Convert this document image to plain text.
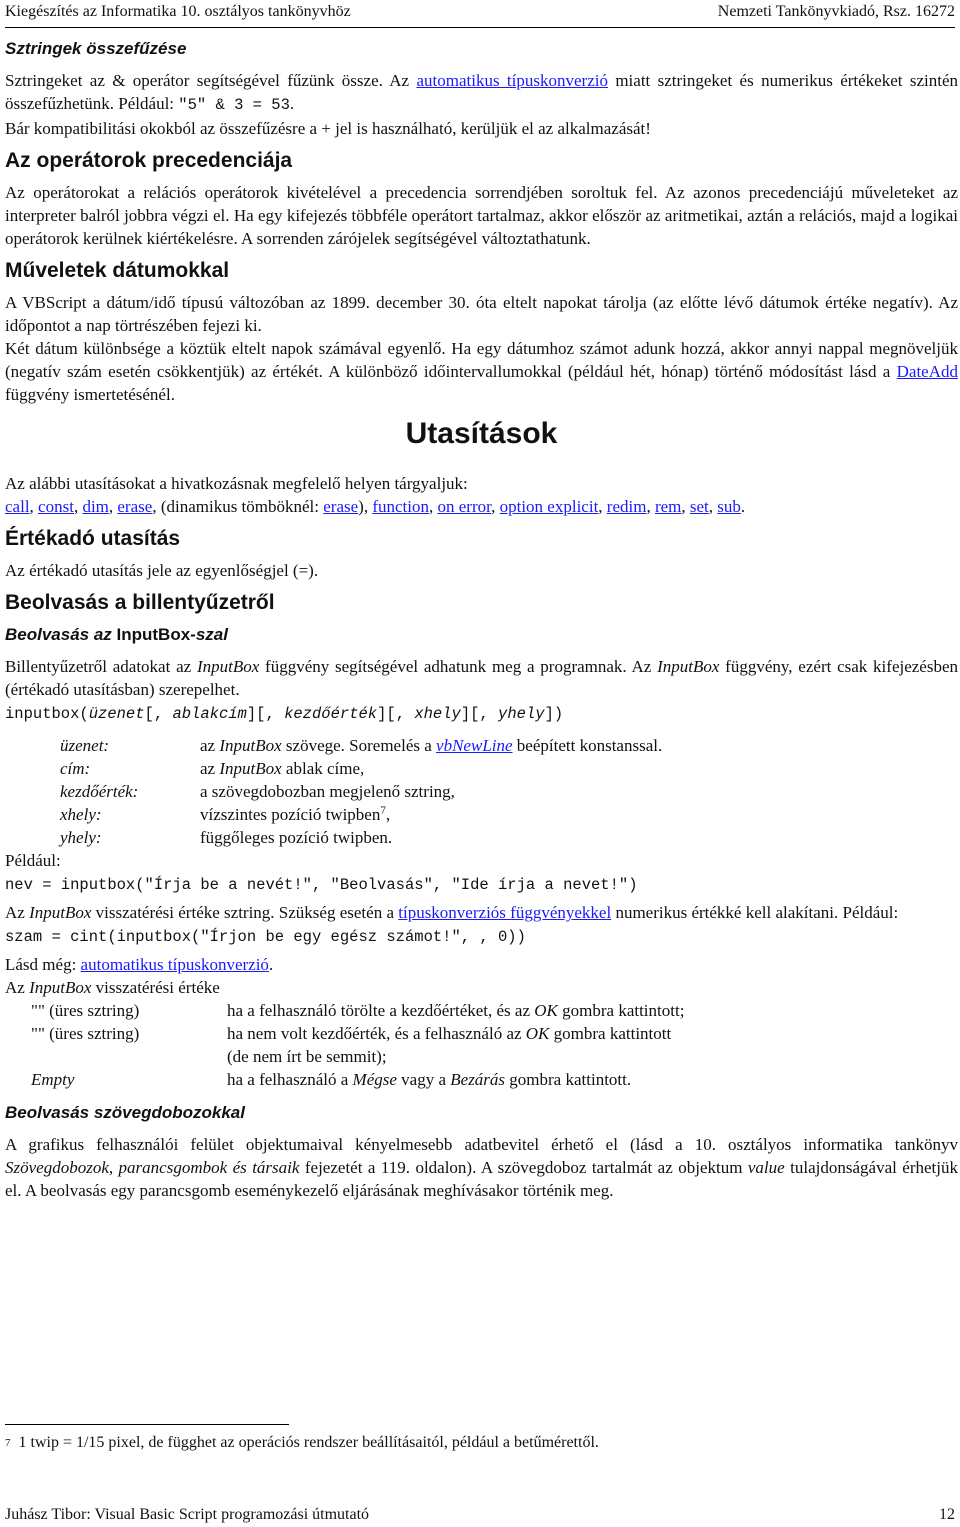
Kiegészítés az Informatika 10. osztályos tankönyvhöz	Nemzeti Tankönyvkiadó, Rsz. 16272
Sztringek összefűzése

Sztringeket az & operátor segítségével fűzünk össze. Az automatikus típuskonverzió miatt sztringeket és numerikus értékeket szintén összefűzhetünk. Például: "5" & 3 = 53.

Bár kompatibilitási okokból az összefűzésre a + jel is használható, kerüljük el az alkalmazását!

Az operátorok precedenciája

Az operátorokat a relációs operátorok kivételével a precedencia sorrendjében soroltuk fel. Az azonos precedenciájú műveleteket az interpreter balról jobbra végzi el. Ha egy kifejezés többféle operátort tartalmaz, akkor először az aritmetikai, aztán a relációs, majd a logikai operátorok kerülnek kiértékelésre. A sorrenden zárójelek segítségével változtathatunk.

Műveletek dátumokkal

A VBScript a dátum/idő típusú változóban az 1899. december 30. óta eltelt napokat tárolja (az előtte lévő dátumok értéke negatív). Az időpontot a nap törtrészében fejezi ki.

Két dátum különbsége a köztük eltelt napok számával egyenlő. Ha egy dátumhoz számot adunk hozzá, akkor annyi nappal megnöveljük (negatív szám esetén csökkentjük) az értékét. A különböző időintervallumokkal (például hét, hónap) történő módosítást lásd a DateAdd függvény ismertetésénél.

Utasítások

Az alábbi utasításokat a hivatkozásnak megfelelő helyen tárgyaljuk:

call, const, dim, erase, (dinamikus tömböknél: erase), function, on error, option explicit, redim, rem, set, sub.

Értékadó utasítás

Az értékadó utasítás jele az egyenlőségjel (=).

Beolvasás a billentyűzetről
Beolvasás az InputBox-szal

Billentyűzetről adatokat az InputBox függvény segítségével adhatunk meg a programnak. Az InputBox függvény, ezért csak kifejezésben (értékadó utasításban) szerepelhet.

inputbox(üzenet[, ablakcím][, kezdőérték][, xhely][, yhely])
üzenet:	az InputBox szövege. Soremelés a vbNewLine beépített konstanssal.
cím:	az InputBox ablak címe,
kezdőérték:	a szövegdobozban megjelenő sztring,
xhely:	vízszintes pozíció twipben$^7$,
yhely:	függőleges pozíció twipben.

Például:

nev = inputbox("Írja be a nevét!", "Beolvasás", "Ide írja a nevet!")

Az InputBox visszatérési értéke sztring. Szükség esetén a típuskonverziós függvényekkel numerikus értékké kell alakítani. Például:

szam = cint(inputbox("Írjon be egy egész számot!", , 0))

Lásd még: automatikus típuskonverzió.

Az InputBox visszatérési értéke

"" (üres sztring)	ha a felhasználó törölte a kezdőértéket, és az OK gombra kattintott;
"" (üres sztring)	ha nem volt kezdőérték, és a felhasználó az OK gombra kattintott
(de nem írt be semmit);
Empty	ha a felhasználó a Mégse vagy a Bezárás gombra kattintott.
Beolvasás szövegdobozokkal

A grafikus felhasználói felület objektumaival kényelmesebb adatbevitel érhető el (lásd a 10. osztályos informatika tankönyv Szövegdobozok, parancsgombok és társaik fejezetét a 119. oldalon). A szövegdoboz tartalmát az objektum value tulajdonságával érhetjük el. A beolvasás egy parancsgomb eseménykezelő eljárásának meghívásakor történik meg.

$^7$ 1 twip = 1/15 pixel, de függhet az operációs rendszer beállításaitól, például a betűmérettől.
Juhász Tibor: Visual Basic Script programozási útmutató	12
